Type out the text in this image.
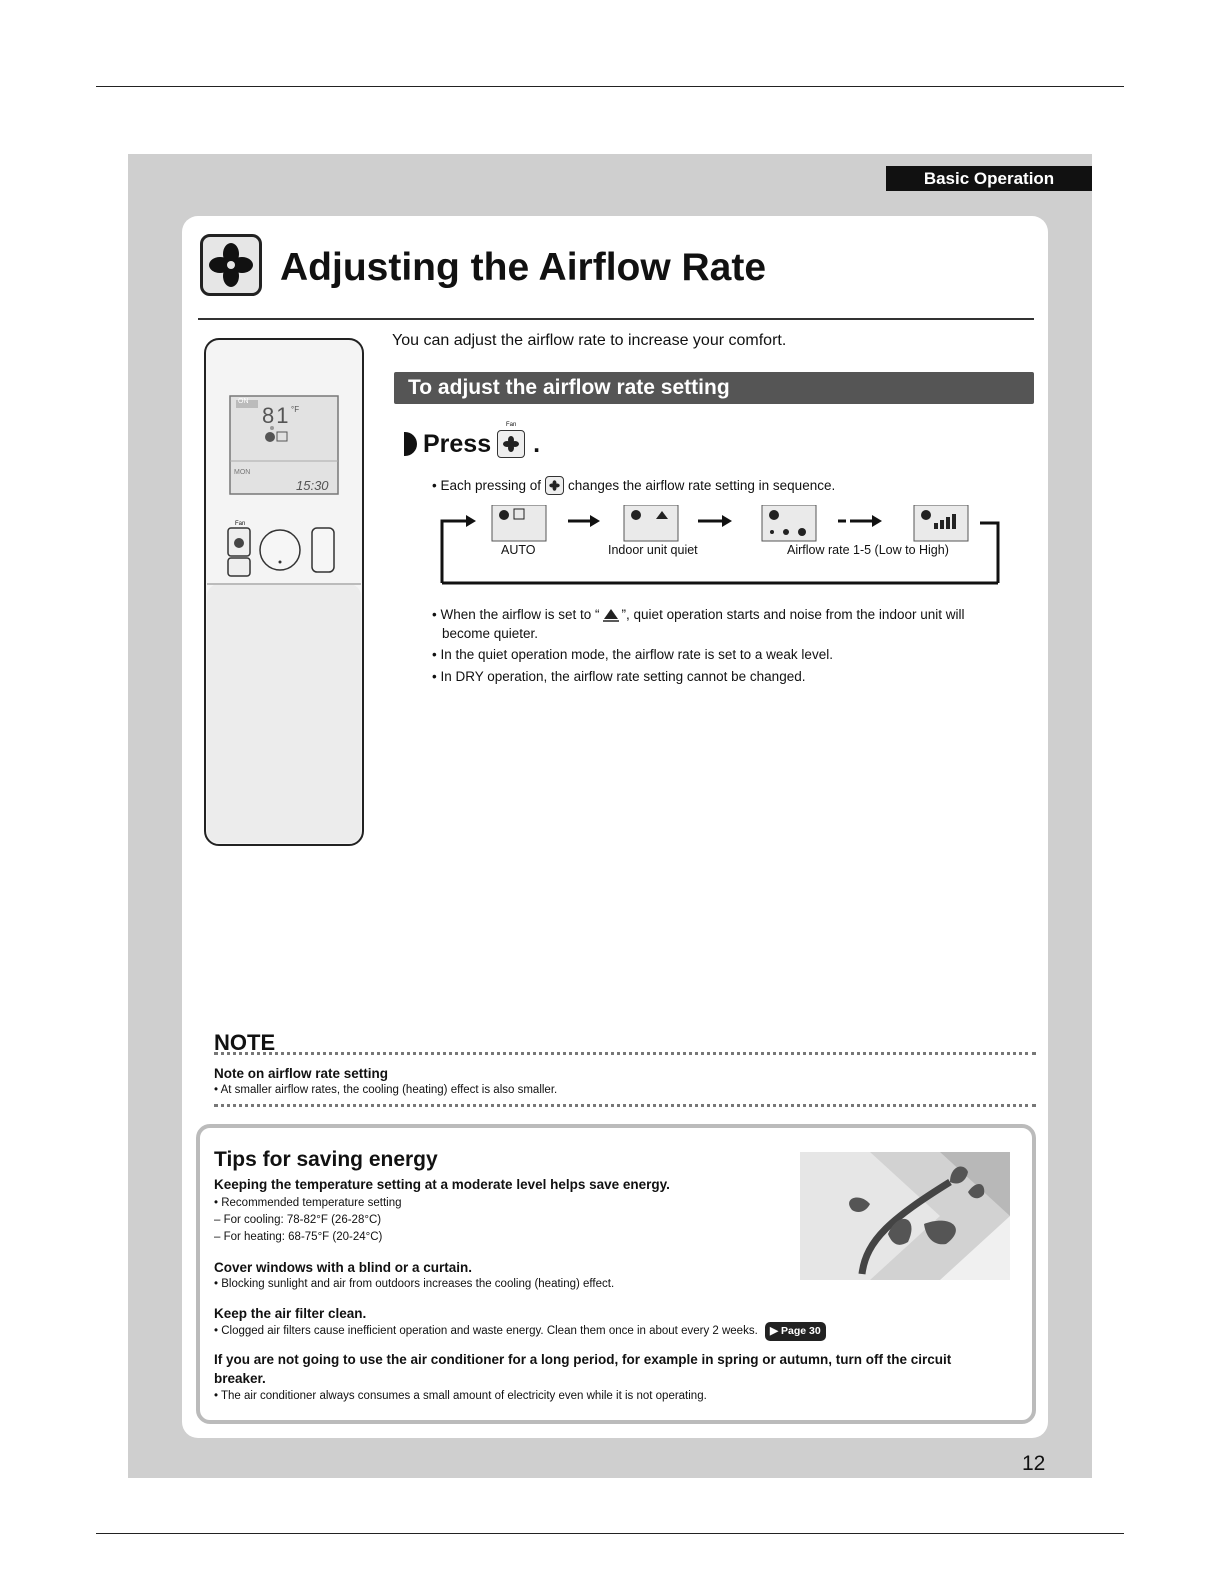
Basic Operation
Adjusting the Airflow Rate
ON
81 °F
MON
15:30
Fan
You can adjust the airflow rate to increase your comfort.
To adjust the airflow rate setting
Press
Fan
.
• Each pressing of changes the airflow rate setting in sequence.
AUTO	Indoor unit quiet	Airflow rate 1-5 (Low to High)
• When the airflow is set to “ ”, quiet operation starts and noise from the indoor unit will
become quieter.
• In the quiet operation mode, the airflow rate is set to a weak level.
• In DRY operation, the airflow rate setting cannot be changed.
NOTE
Note on airflow rate setting
• At smaller airflow rates, the cooling (heating) effect is also smaller.
Tips for saving energy
Keeping the temperature setting at a moderate level helps save energy.
• Recommended temperature setting
– For cooling: 78-82°F (26-28°C)
– For heating: 68-75°F (20-24°C)
Cover windows with a blind or a curtain.
• Blocking sunlight and air from outdoors increases the cooling (heating) effect.
Keep the air filter clean.
• Clogged air filters cause inefficient operation and waste energy. Clean them once in about every 2 weeks. ▶ Page 30
If you are not going to use the air conditioner for a long period, for example in spring or autumn, turn off the circuit
breaker.
• The air conditioner always consumes a small amount of electricity even while it is not operating.
12
